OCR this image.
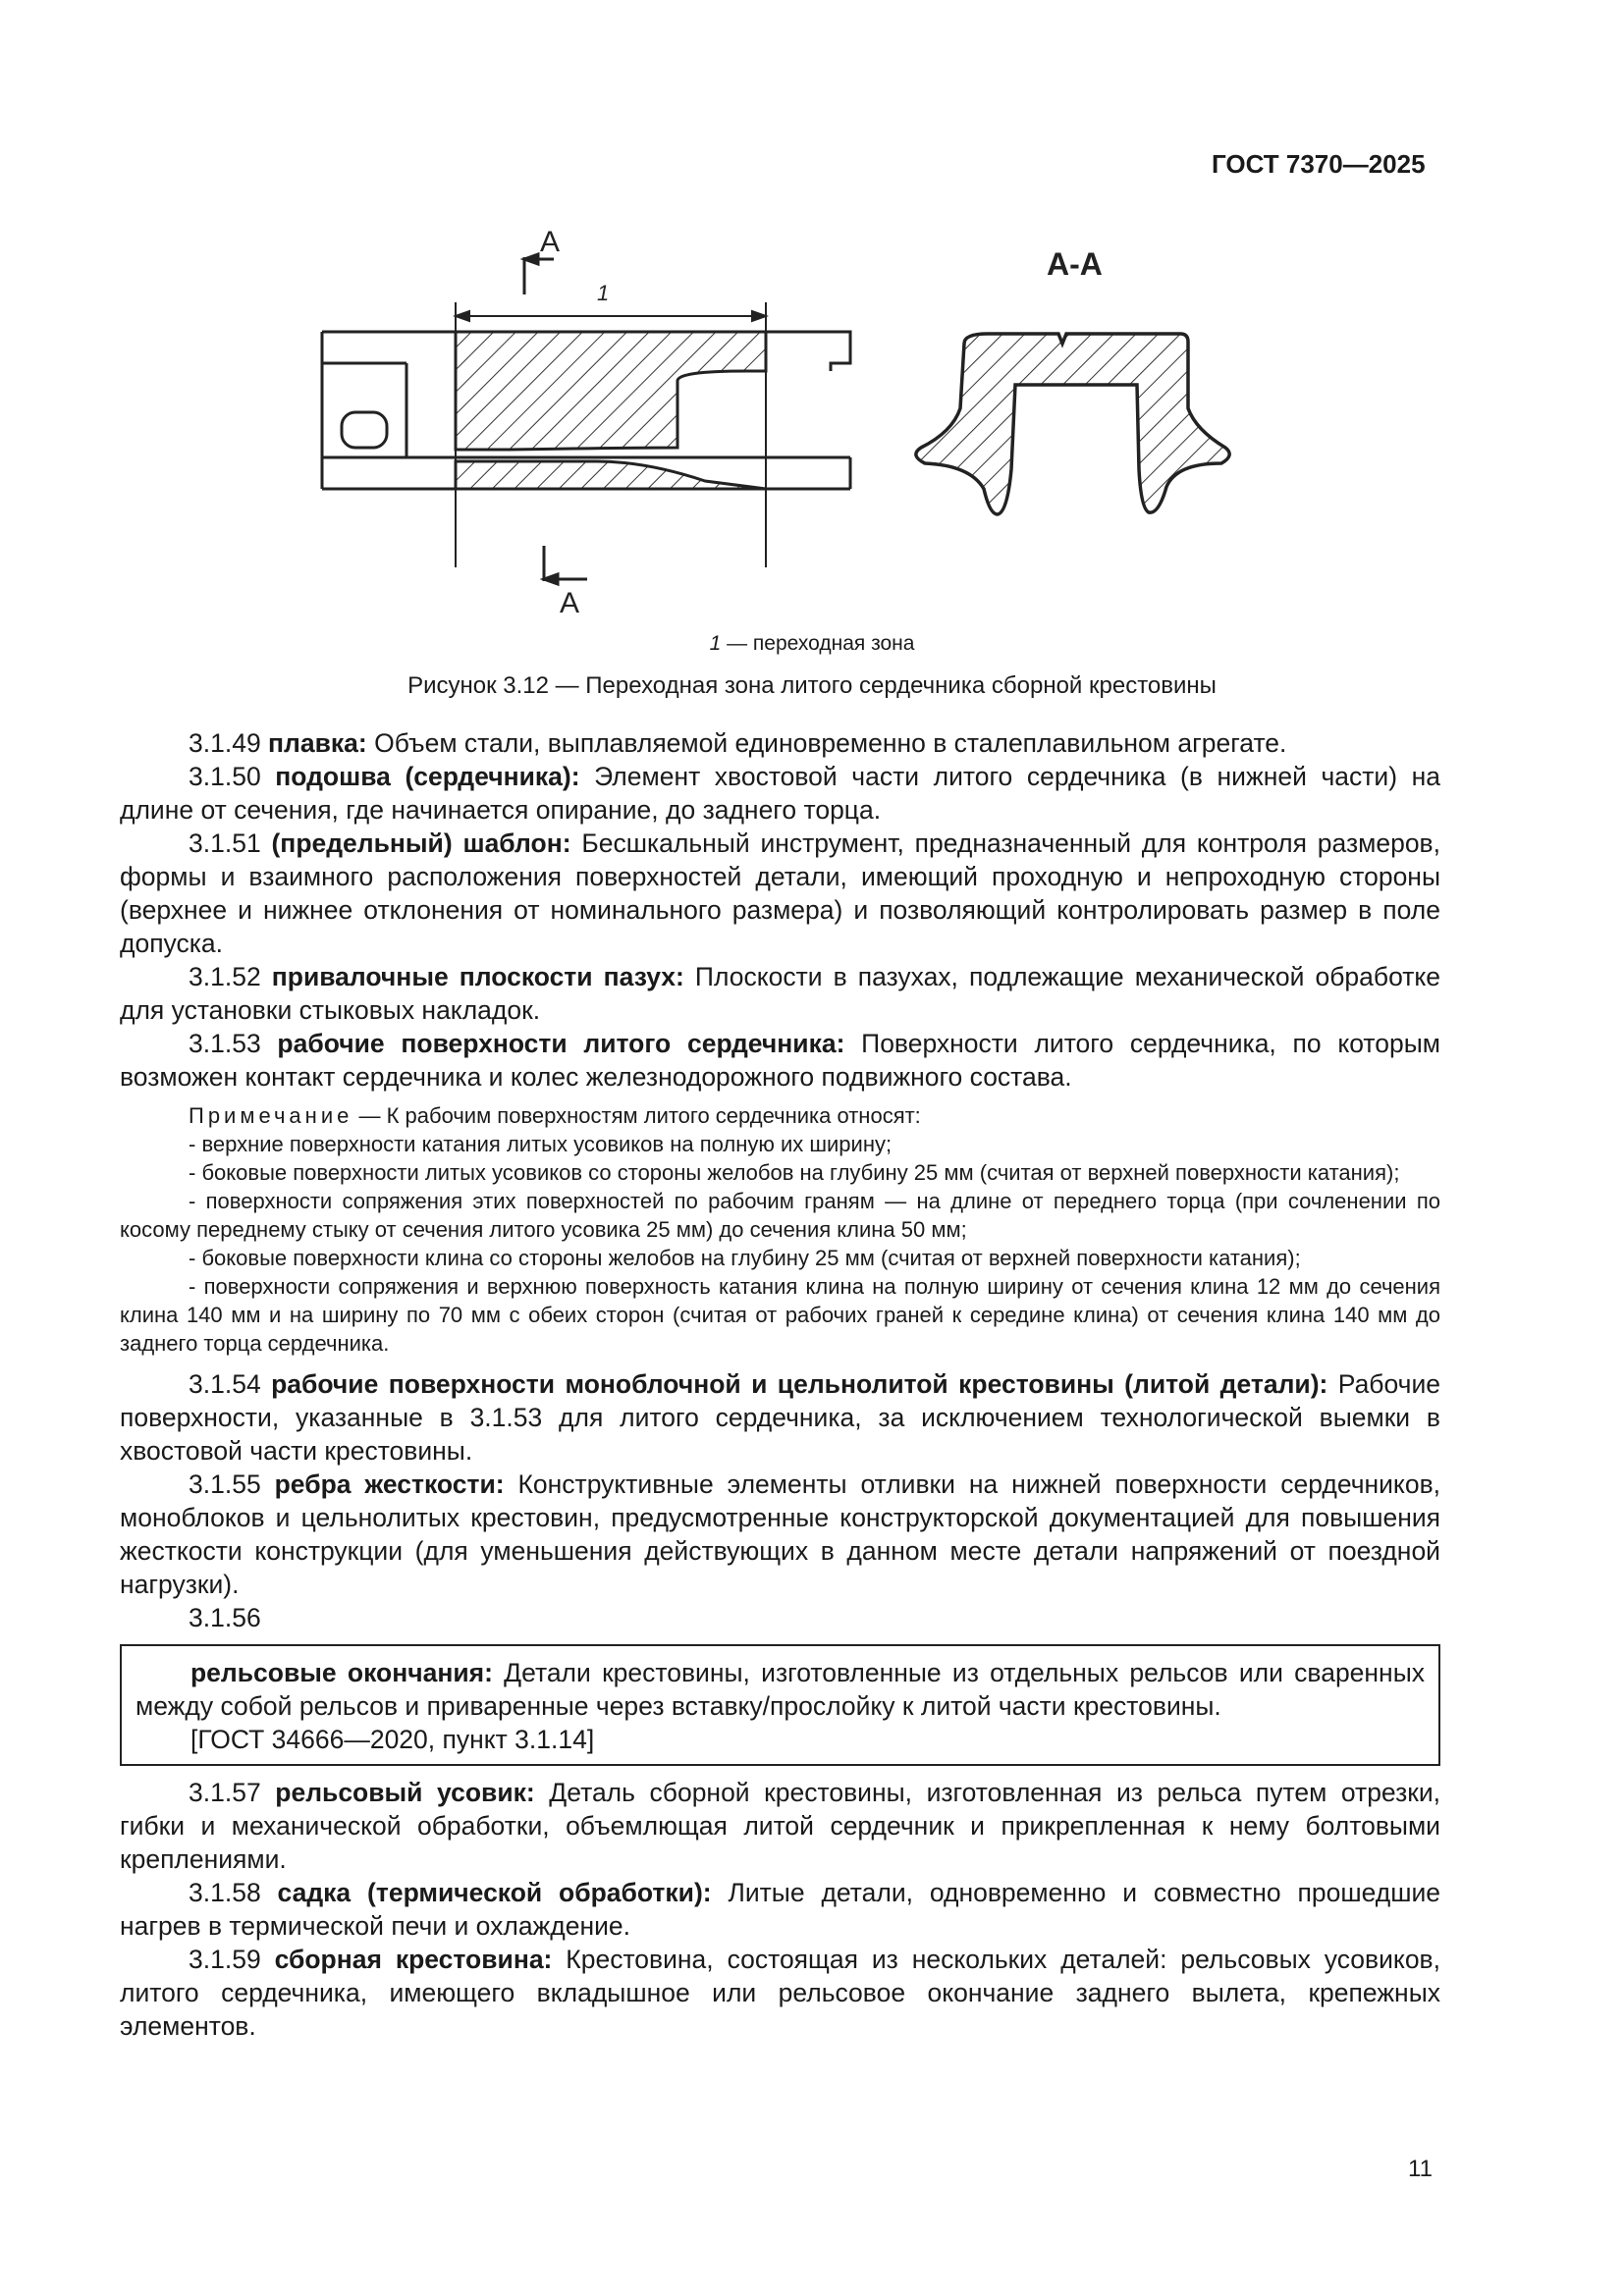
ГОСТ 7370—2025
1
А
А
А-А
1 — переходная зона
Рисунок 3.12 — Переходная зона литого сердечника сборной крестовины

3.1.49 плавка: Объем стали, выплавляемой единовременно в сталеплавильном агрегате.

3.1.50 подошва (сердечника): Элемент хвостовой части литого сердечника (в нижней части) на длине от сечения, где начинается опирание, до заднего торца.

3.1.51 (предельный) шаблон: Бесшкальный инструмент, предназначенный для контроля размеров, формы и взаимного расположения поверхностей детали, имеющий проходную и непроходную стороны (верхнее и нижнее отклонения от номинального размера) и позволяющий контролировать размер в поле допуска.

3.1.52 привалочные плоскости пазух: Плоскости в пазухах, подлежащие механической обработке для установки стыковых накладок.

3.1.53 рабочие поверхности литого сердечника: Поверхности литого сердечника, по которым возможен контакт сердечника и колес железнодорожного подвижного состава.

Примечание — К рабочим поверхностям литого сердечника относят:

- верхние поверхности катания литых усовиков на полную их ширину;

- боковые поверхности литых усовиков со стороны желобов на глубину 25 мм (считая от верхней поверхности катания);

- поверхности сопряжения этих поверхностей по рабочим граням — на длине от переднего торца (при сочленении по косому переднему стыку от сечения литого усовика 25 мм) до сечения клина 50 мм;

- боковые поверхности клина со стороны желобов на глубину 25 мм (считая от верхней поверхности катания);

- поверхности сопряжения и верхнюю поверхность катания клина на полную ширину от сечения клина 12 мм до сечения клина 140 мм и на ширину по 70 мм с обеих сторон (считая от рабочих граней к середине клина) от сечения клина 140 мм до заднего торца сердечника.

3.1.54 рабочие поверхности моноблочной и цельнолитой крестовины (литой детали): Рабочие поверхности, указанные в 3.1.53 для литого сердечника, за исключением технологической выемки в хвостовой части крестовины.

3.1.55 ребра жесткости: Конструктивные элементы отливки на нижней поверхности сердечников, моноблоков и цельнолитых крестовин, предусмотренные конструкторской документацией для повышения жесткости конструкции (для уменьшения действующих в данном месте детали напряжений от поездной нагрузки).

3.1.56

рельсовые окончания: Детали крестовины, изготовленные из отдельных рельсов или сваренных между собой рельсов и приваренные через вставку/прослойку к литой части крестовины.

[ГОСТ 34666—2020, пункт 3.1.14]

3.1.57 рельсовый усовик: Деталь сборной крестовины, изготовленная из рельса путем отрезки, гибки и механической обработки, объемлющая литой сердечник и прикрепленная к нему болтовыми креплениями.

3.1.58 садка (термической обработки): Литые детали, одновременно и совместно прошедшие нагрев в термической печи и охлаждение.

3.1.59 сборная крестовина: Крестовина, состоящая из нескольких деталей: рельсовых усовиков, литого сердечника, имеющего вкладышное или рельсовое окончание заднего вылета, крепежных элементов.

11
